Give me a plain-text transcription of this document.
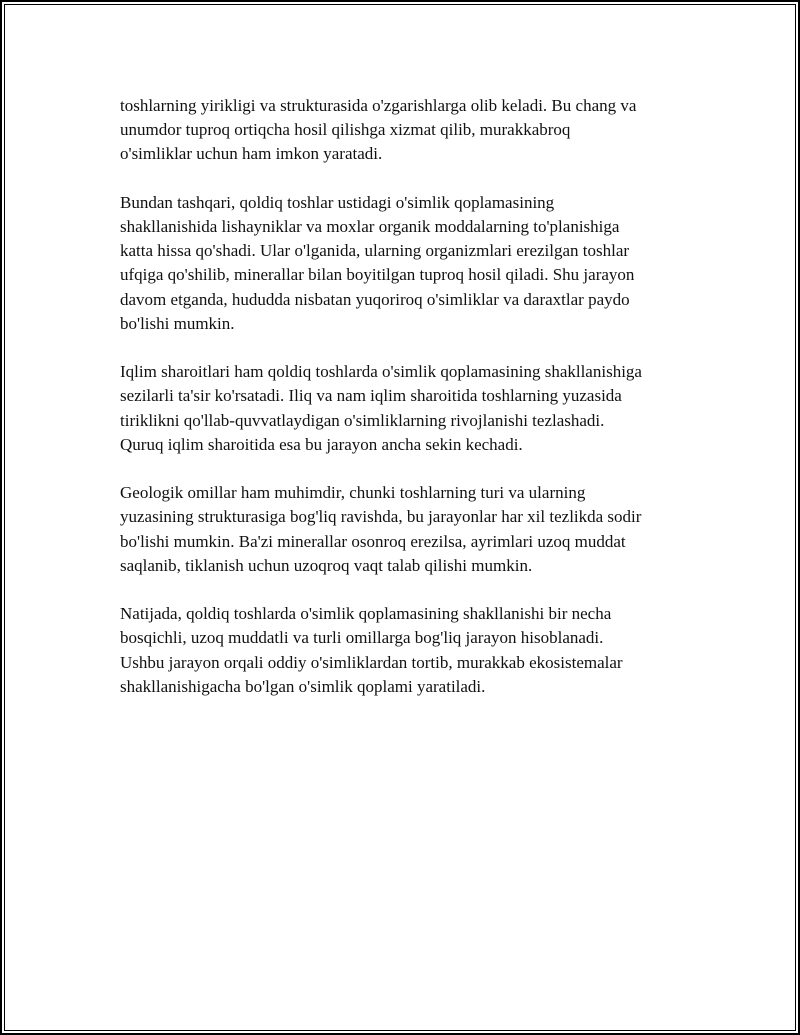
toshlarning yirikligi va strukturasida o'zgarishlarga olib keladi. Bu chang va
unumdor tuproq ortiqcha hosil qilishga xizmat qilib, murakkabroq
o'simliklar uchun ham imkon yaratadi.

Bundan tashqari, qoldiq toshlar ustidagi o'simlik qoplamasining
shakllanishida lishayniklar va moxlar organik moddalarning to'planishiga
katta hissa qo'shadi. Ular o'lganida, ularning organizmlari erezilgan toshlar
ufqiga qo'shilib, minerallar bilan boyitilgan tuproq hosil qiladi. Shu jarayon
davom etganda, hududda nisbatan yuqoriroq o'simliklar va daraxtlar paydo
bo'lishi mumkin.

Iqlim sharoitlari ham qoldiq toshlarda o'simlik qoplamasining shakllanishiga
sezilarli ta'sir ko'rsatadi. Iliq va nam iqlim sharoitida toshlarning yuzasida
tiriklikni qo'llab-quvvatlaydigan o'simliklarning rivojlanishi tezlashadi.
Quruq iqlim sharoitida esa bu jarayon ancha sekin kechadi.

Geologik omillar ham muhimdir, chunki toshlarning turi va ularning
yuzasining strukturasiga bog'liq ravishda, bu jarayonlar har xil tezlikda sodir
bo'lishi mumkin. Ba'zi minerallar osonroq erezilsa, ayrimlari uzoq muddat
saqlanib, tiklanish uchun uzoqroq vaqt talab qilishi mumkin.

Natijada, qoldiq toshlarda o'simlik qoplamasining shakllanishi bir necha
bosqichli, uzoq muddatli va turli omillarga bog'liq jarayon hisoblanadi.
Ushbu jarayon orqali oddiy o'simliklardan tortib, murakkab ekosistemalar
shakllanishigacha bo'lgan o'simlik qoplami yaratiladi.
